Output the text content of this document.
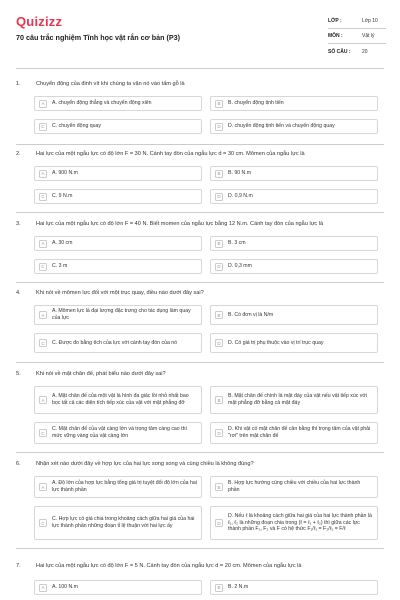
Quizizz
70 câu trắc nghiệm Tĩnh học vật rắn cơ bản (P3)
LỚP :	Lớp 10
MÔN :	Vật lý
SỐ CÂU :	20
1.	Chuyển động của đinh vít khi chúng ta vặn nó vào tấm gỗ là
A	A. chuyển động thẳng và chuyển động xiên	B	B. chuyển động tịnh tiến
C	C. chuyển động quay	D	D. chuyển động tịnh tiến và chuyển động quay
2.	Hai lực của một ngẫu lực có độ lớn F = 30 N. Cánh tay đòn của ngẫu lực d = 30 cm. Mômen của ngẫu lực là
A	A. 900 N.m	B	B. 90 N.m
C	C. 9 N.m	D	D. 0,9 N.m
3.	Hai lực của một ngẫu lực có độ lớn F = 40 N. Biết momen của ngẫu lực bằng 12 N.m. Cánh tay đòn của ngẫu lực là
A	A. 30 cm	B	B. 3 cm
C	C. 3 m	D	D. 0,3 mm
4.	Khi nói về mômen lực đối với một trục quay, điều nào dưới đây sai?
A
A. Mômen lực là đại lượng đặc trưng cho tác dụng làm quay của lực	B	B. Có đơn vị là N/m
C	C. Được đo bằng tích của lực với cánh tay đòn của nó	D	D. Có giá trị phụ thuộc vào vị trí trục quay
5.	Khi nói về mặt chân đế, phát biểu nào dưới đây sai?
A
A. Mặt chân đế của một vật là hình đa giác lồi nhỏ nhất bao bọc tất cả các diện tích tiếp xúc của vật với mặt phẳng đỡ	B
B. Mặt chân đế chính là mặt đáy của vật nếu vật tiếp xúc với mặt phẳng đỡ bằng cả mặt đáy
C
C. Mặt chân đế của vật càng lớn và trọng tâm càng cao thì mức vững vàng của vật càng lớn	D
D. Khi vật có mặt chân đế cân bằng thì trọng tâm của vật phải "rơi" trên mặt chân đế
6.	Nhận xét nào dưới đây về hợp lực của hai lực song song và cùng chiều là không đúng?
A
A. Độ lớn của hợp lực bằng tổng giá trị tuyệt đối độ lớn của hai lực thành phần	B
B. Hợp lực hướng cùng chiều với chiều của hai lực thành phần
C
C. Hợp lực có giá chia trong khoảng cách giữa hai giá của hai lực thành phần những đoạn tỉ lệ thuận với hai lực ấy	D
D. Nếu ℓ là khoảng cách giữa hai giá của hai lực thành phần là ℓ₁, ℓ₂ là những đoạn chia trong (ℓ = ℓ₁ + ℓ₂) thì giữa các lực thành phần F₁, F₂ và F có hệ thức F₁/ℓ₁ = F₂/ℓ₂ = F/ℓ
7.	Hai lực của một ngẫu lực có độ lớn F = 5 N. Cánh tay đòn của ngẫu lực d = 20 cm. Mômen của ngẫu lực là
A	A. 100 N.m	B	B. 2 N.m
